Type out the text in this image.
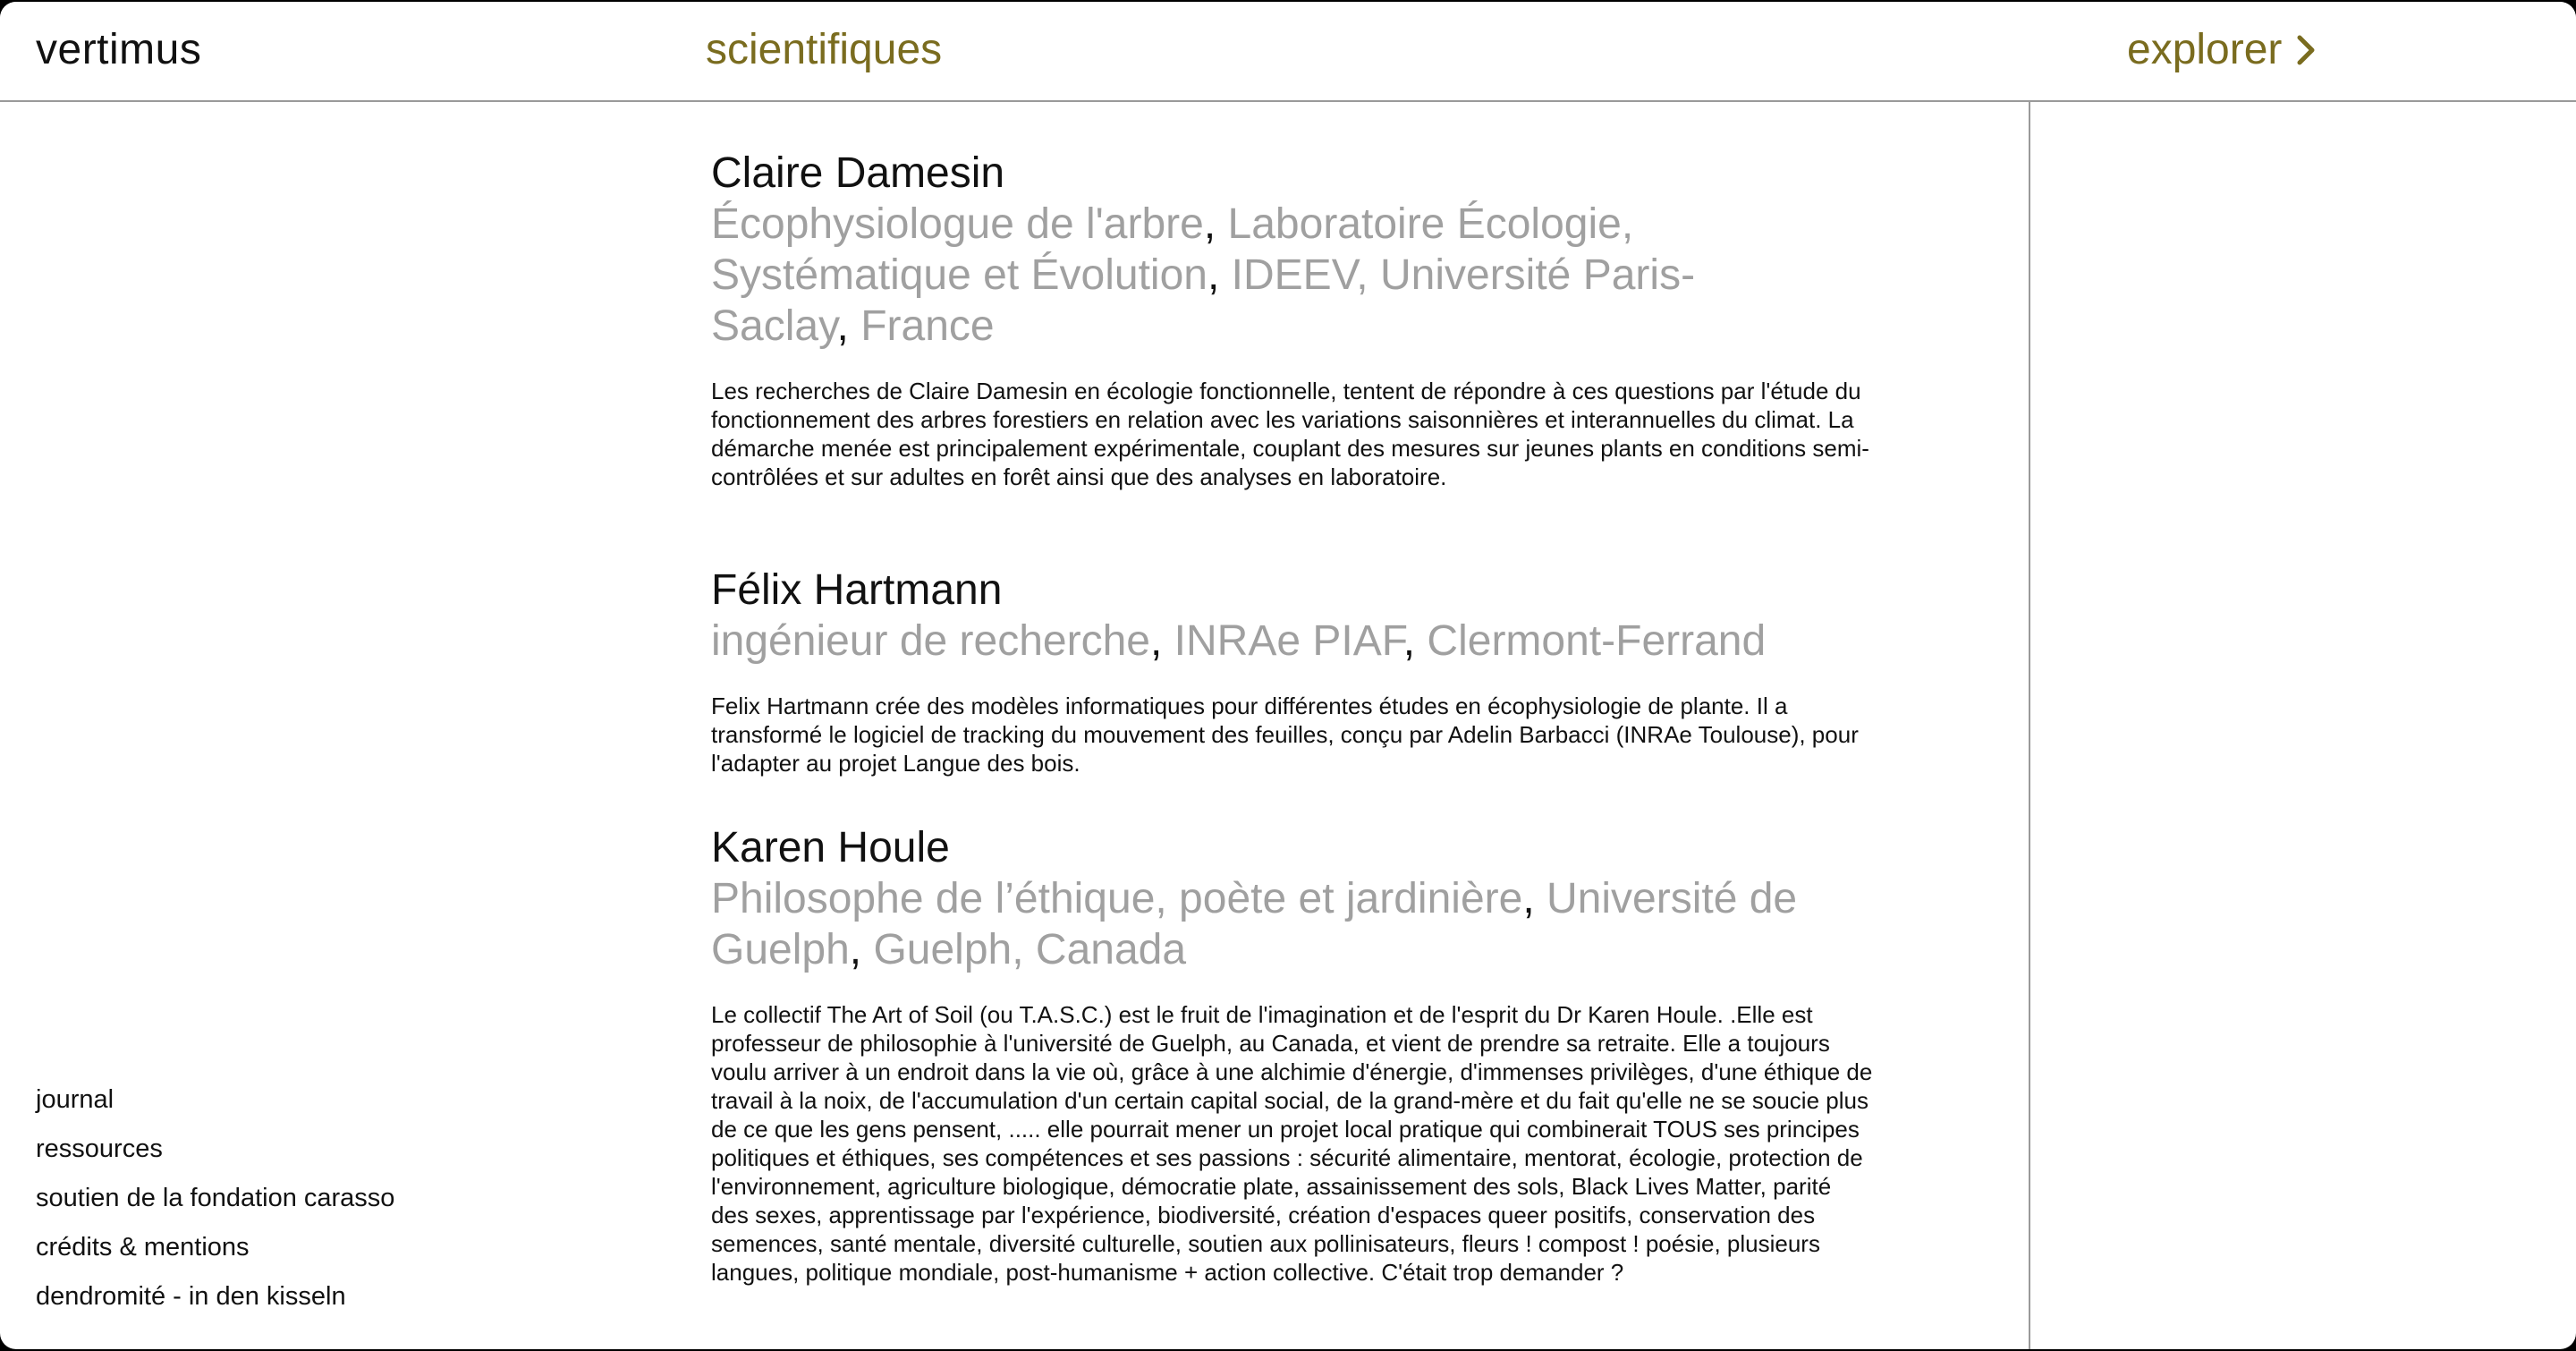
vertimus	scientifiques	explorer

Claire Damesin

Écophysiologue de l'arbre, Laboratoire Écologie, Systématique et Évolution, IDEEV, Université Paris-Saclay, France

Les recherches de Claire Damesin en écologie fonctionnelle, tentent de répondre à ces questions par l'étude du fonctionnement des arbres forestiers en relation avec les variations saisonnières et interannuelles du climat. La démarche menée est principalement expérimentale, couplant des mesures sur jeunes plants en conditions semi-contrôlées et sur adultes en forêt ainsi que des analyses en laboratoire.

Félix Hartmann

ingénieur de recherche, INRAe PIAF, Clermont-Ferrand

Felix Hartmann crée des modèles informatiques pour différentes études en écophysiologie de plante. Il a transformé le logiciel de tracking du mouvement des feuilles, conçu par Adelin Barbacci (INRAe Toulouse), pour l'adapter au projet Langue des bois.

Karen Houle

Philosophe de l’éthique, poète et jardinière, Université de Guelph, Guelph, Canada

Le collectif The Art of Soil (ou T.A.S.C.) est le fruit de l'imagination et de l'esprit du Dr Karen Houle. .Elle est professeur de philosophie à l'université de Guelph, au Canada, et vient de prendre sa retraite. Elle a toujours voulu arriver à un endroit dans la vie où, grâce à une alchimie d'énergie, d'immenses privilèges, d'une éthique de travail à la noix, de l'accumulation d'un certain capital social, de la grand-mère et du fait qu'elle ne se soucie plus de ce que les gens pensent, ..... elle pourrait mener un projet local pratique qui combinerait TOUS ses principes politiques et éthiques, ses compétences et ses passions : sécurité alimentaire, mentorat, écologie, protection de l'environnement, agriculture biologique, démocratie plate, assainissement des sols, Black Lives Matter, parité des sexes, apprentissage par l'expérience, biodiversité, création d'espaces queer positifs, conservation des semences, santé mentale, diversité culturelle, soutien aux pollinisateurs, fleurs ! compost ! poésie, plusieurs langues, politique mondiale, post-humanisme + action collective. C'était trop demander ?

journal
ressources
soutien de la fondation carasso
crédits & mentions
dendromité - in den kisseln
